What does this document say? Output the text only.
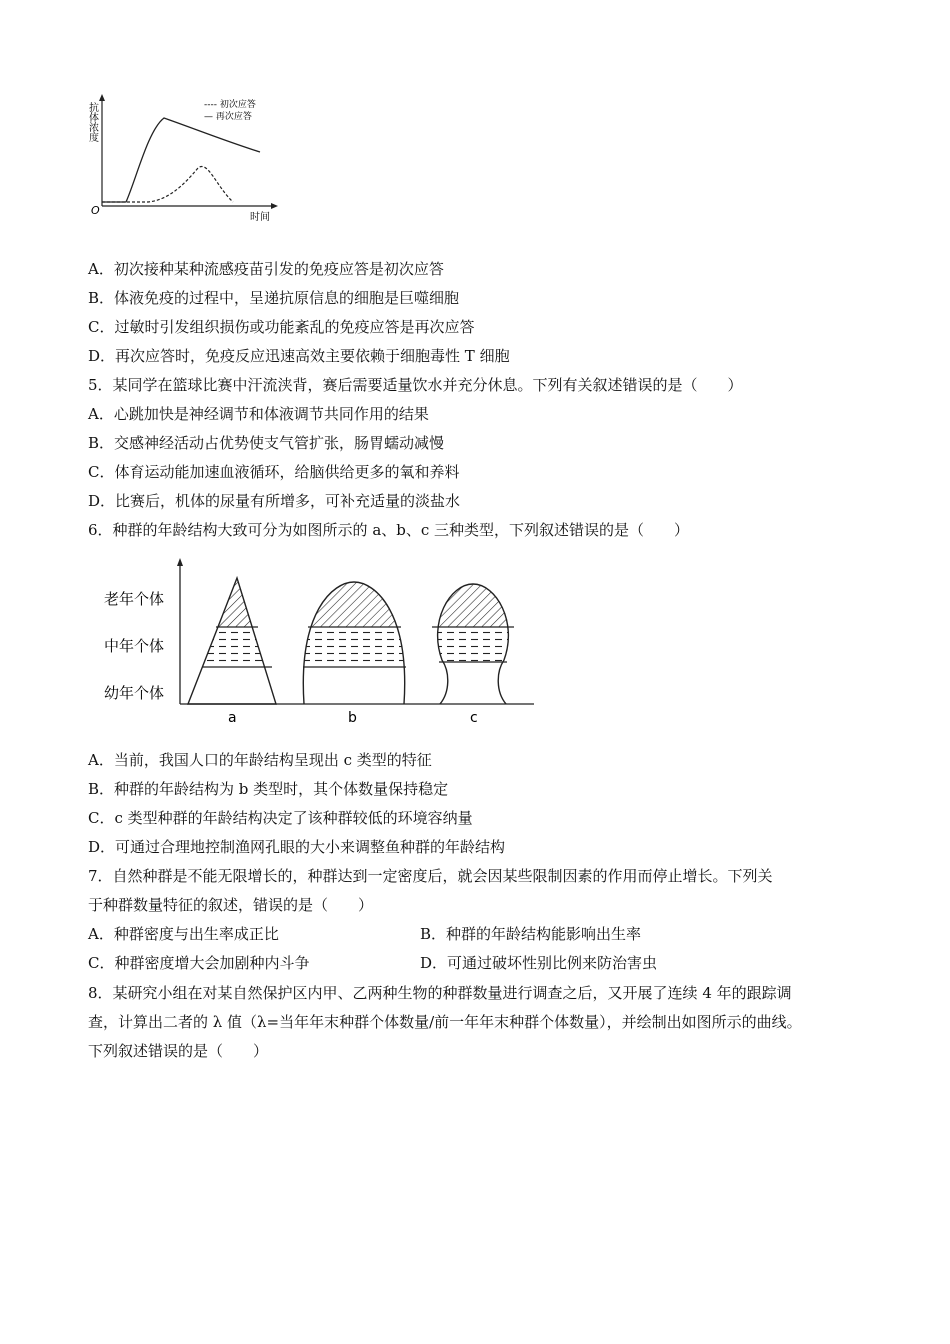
抗体浓度
O
时间
---- 初次应答
— 再次应答
A．初次接种某种流感疫苗引发的免疫应答是初次应答
B．体液免疫的过程中，呈递抗原信息的细胞是巨噬细胞
C．过敏时引发组织损伤或功能紊乱的免疫应答是再次应答
D．再次应答时，免疫反应迅速高效主要依赖于细胞毒性 T 细胞
5．某同学在篮球比赛中汗流浃背，赛后需要适量饮水并充分休息。下列有关叙述错误的是（　　）
A．心跳加快是神经调节和体液调节共同作用的结果
B．交感神经活动占优势使支气管扩张，肠胃蠕动减慢
C．体育运动能加速血液循环，给脑供给更多的氧和养料
D．比赛后，机体的尿量有所增多，可补充适量的淡盐水
6．种群的年龄结构大致可分为如图所示的 a、b、c 三种类型，下列叙述错误的是（　　）
老年个体
中年个体
幼年个体
a	b	c
A．当前，我国人口的年龄结构呈现出 c 类型的特征
B．种群的年龄结构为 b 类型时，其个体数量保持稳定
C．c 类型种群的年龄结构决定了该种群较低的环境容纳量
D．可通过合理地控制渔网孔眼的大小来调整鱼种群的年龄结构
7．自然种群是不能无限增长的，种群达到一定密度后，就会因某些限制因素的作用而停止增长。下列关
于种群数量特征的叙述，错误的是（　　）
A．种群密度与出生率成正比	B．种群的年龄结构能影响出生率
C．种群密度增大会加剧种内斗争	D．可通过破坏性别比例来防治害虫
8．某研究小组在对某自然保护区内甲、乙两种生物的种群数量进行调查之后，又开展了连续 4 年的跟踪调
查，计算出二者的 λ 值（λ=当年年末种群个体数量/前一年年末种群个体数量），并绘制出如图所示的曲线。
下列叙述错误的是（　　）
